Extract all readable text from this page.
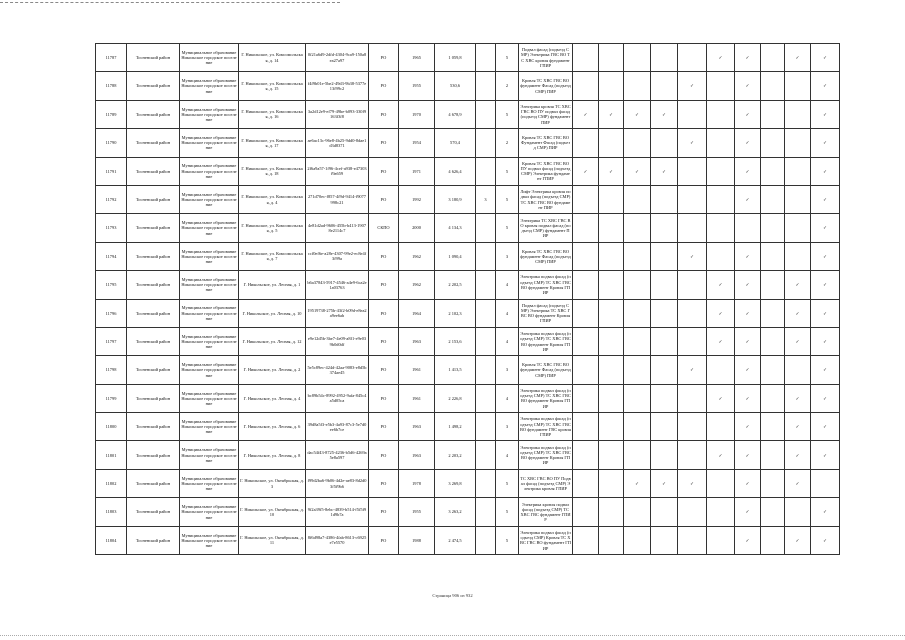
11787	Тосненский район	Муниципальное образование Никольское городское поселение	Г. Никольское, ул. Комсомольская, д. 14	0f21a6d9-2dfd-4304-9ca9-150a8ea27a97	РО	1965	1 059,8		5	Подвал фасад (подъезд СМР) Электрика ГВС ВО ТС ХВС кровля фундамент ГПИР						✓	✓		✓	✓
11788	Тосненский район	Муниципальное образование Никольское городское поселение	Г. Никольское, ул. Комсомольская, д. 15	f4f9b01e-5be2-49d3-9b38-5377e13f99c2	РО	1955	530,6		2	Кровля ТС ХВС ГВС ВО фундамент Фасад (подъезд СМР) ПИР					✓		✓			✓
11789	Тосненский район	Муниципальное образование Никольское городское поселение	Г. Никольское, ул. Комсомольская, д. 16	3a2d12e9-ef79-49be-b093-330f9163f3f8	РО	1970	4 678,9		5	Электрика кровля ТС ХВС ГВС ВО ПУ подвал фасад (подъезд СМР) фундамент ПИР	✓	✓	✓	✓			✓			✓
11790	Тосненский район	Муниципальное образование Никольское городское поселение	Г. Никольское, ул. Комсомольская, д. 17	ae6ac13c-96e8-4b25-9dd0-8dae1d3d8371	РО	1954	570,4		2	Кровля ТС ХВС ГВС ВО Фундамент Фасад (подъезд СМР) ПИР					✓		✓			✓
11791	Тосненский район	Муниципальное образование Никольское городское поселение	Г. Никольское, ул. Комсомольская, д. 18	2f6a9a57-1f96-4cef-a938-e47303f9a659	РО	1971	4 626,4		5	Кровля ТС ХВС ГВС ВО ПУ подвал фасад (подъезд СМР) Электрика фундамент ГПИР	✓	✓	✓	✓			✓			✓
11792	Тосненский район	Муниципальное образование Никольское городское поселение	Г. Никольское, ул. Комсомольская, д. 4	271d70ec-f857-4f9d-9414-f9077998c21	РО	1992	3 180,9	3	5	Лифт Электрика кровля подвал фасад (подъезд СМР) ТС ХВС ГВС ВО фундамент ПИР							✓			✓
11793	Тосненский район	Муниципальное образование Никольское городское поселение	Г. Никольское, ул. Комсомольская, д. 5	4e81d2ad-9606-455b-b413-19078e2114c7	СКПО	2000	4 134,3		5	Электрика ТС ХВС ГВС ВО кровля подвал фасад (подъезд СМР) фундамент ПИР										✓
11794	Тосненский район	Муниципальное образование Никольское городское поселение	Г. Никольское, ул. Комсомольская, д. 7	ccf0ef6e-a28e-4307-99e2-ec8e4f3f99a	РО	1962	1 090,4		3	Кровля ТС ХВС ГВС ВО фундамент Фасад (подъезд СМР) ПИР					✓		✓			✓
11795	Тосненский район	Муниципальное образование Никольское городское поселение	Г. Никольское, ул. Лесная, д. 1	b6a37843-5917-4546-a4e9-6ca2e1a03763	РО	1962	2 202,5		4	Электрика подвал фасад (подъезд СМР) ТС ХВС ГВС ВО фундамент Кровля ГПИР						✓	✓		✓	✓
11796	Тосненский район	Муниципальное образование Никольское городское поселение	Г. Никольское, ул. Лесная, д. 10	19519738-275b-43f2-b09d-e8ea2a9ee6ab	РО	1964	2 102,3		4	Подвал фасад (подъезд СМР) Электрика ТС ХВС ГВС ВО фундамент Кровля ГПИР						✓	✓		✓	✓
11797	Тосненский район	Муниципальное образование Никольское городское поселение	Г. Никольское, ул. Лесная, д. 12	e9e12d5b-3be7-4e09-a8f1-e9e039b0d0df	РО	1963	2 153,6		4	Электрика подвал фасад (подъезд СМР) ТС ХВС ГВС ВО фундамент Кровля ГПИР						✓	✓		✓	✓
11798	Тосненский район	Муниципальное образование Никольское городское поселение	Г. Никольское, ул. Лесная, д. 2	5e5c89ec-424d-42aa-9083-e8d5b374ae45	РО	1961	1 413,5		3	Кровля ТС ХВС ГВС ВО фундамент Фасад (подъезд СМР) ПИР					✓		✓			✓
11799	Тосненский район	Муниципальное образование Никольское городское поселение	Г. Никольское, ул. Лесная, д. 4	bc89b54c-8992-4952-9afa-845c4a5d05ca	РО	1961	2 226,8		4	Электрика подвал фасад (подъезд СМР) ТС ХВС ГВС ВО фундамент Кровля ГПИР						✓	✓		✓	✓
11800	Тосненский район	Муниципальное образование Никольское городское поселение	Г. Никольское, ул. Лесная, д. 6	39d8a5f3-e5b3-4a93-87c3-5e7d0ee6b7ce	РО	1963	1 498,2		3	Электрика подвал фасад (подъезд СМР) ТС ХВС ГВС ВО фундамент ГВС кровля ГПИР							✓		✓	✓
11801	Тосненский район	Муниципальное образование Никольское городское поселение	Г. Никольское, ул. Лесная, д. 8	dac54f43-8725-4236-b5d6-4269a5e8a597	РО	1963	2 203,2		4	Электрика подвал фасад (подъезд СМР) ТС ХВС ГВС ВО фундамент Кровля ГПИР						✓	✓		✓	✓
11802	Тосненский район	Муниципальное образование Никольское городское поселение	Г. Никольское, ул. Октябрьская, д. 3	f99d2ba6-9b06-4d2e-ae83-8d2d03f5f9b6	РО	1978	3 269,8		5	ТС ХВС ГВС ВО ПУ Подвал фасад (подъезд СМР) Электрика кровля ГПИР			✓	✓	✓		✓		✓	
11803	Тосненский район	Муниципальное образование Никольское городское поселение	Г. Никольское, ул. Октябрьская, д. 10	9f2a39f5-8ebc-4839-b514-f5f5f91d9b7a	РО	1955	3 263,2		5	Электрика кровля подвал фасад (подъезд СМР) ТС ХВС ГВС фундамент ГПИР							✓			✓
11804	Тосненский район	Муниципальное образование Никольское городское поселение	Г. Никольское, ул. Октябрьская, д. 11	8f6d98a7-4386-4fab-8613-c6925e7e5570	РО	1988	2 474,5		5	Электрика подвал фасад (подъезд СМР) Кровля ТС ХВС ГВС ВО фундамент ГПИР							✓		✓	✓
Страница 906 из 932
